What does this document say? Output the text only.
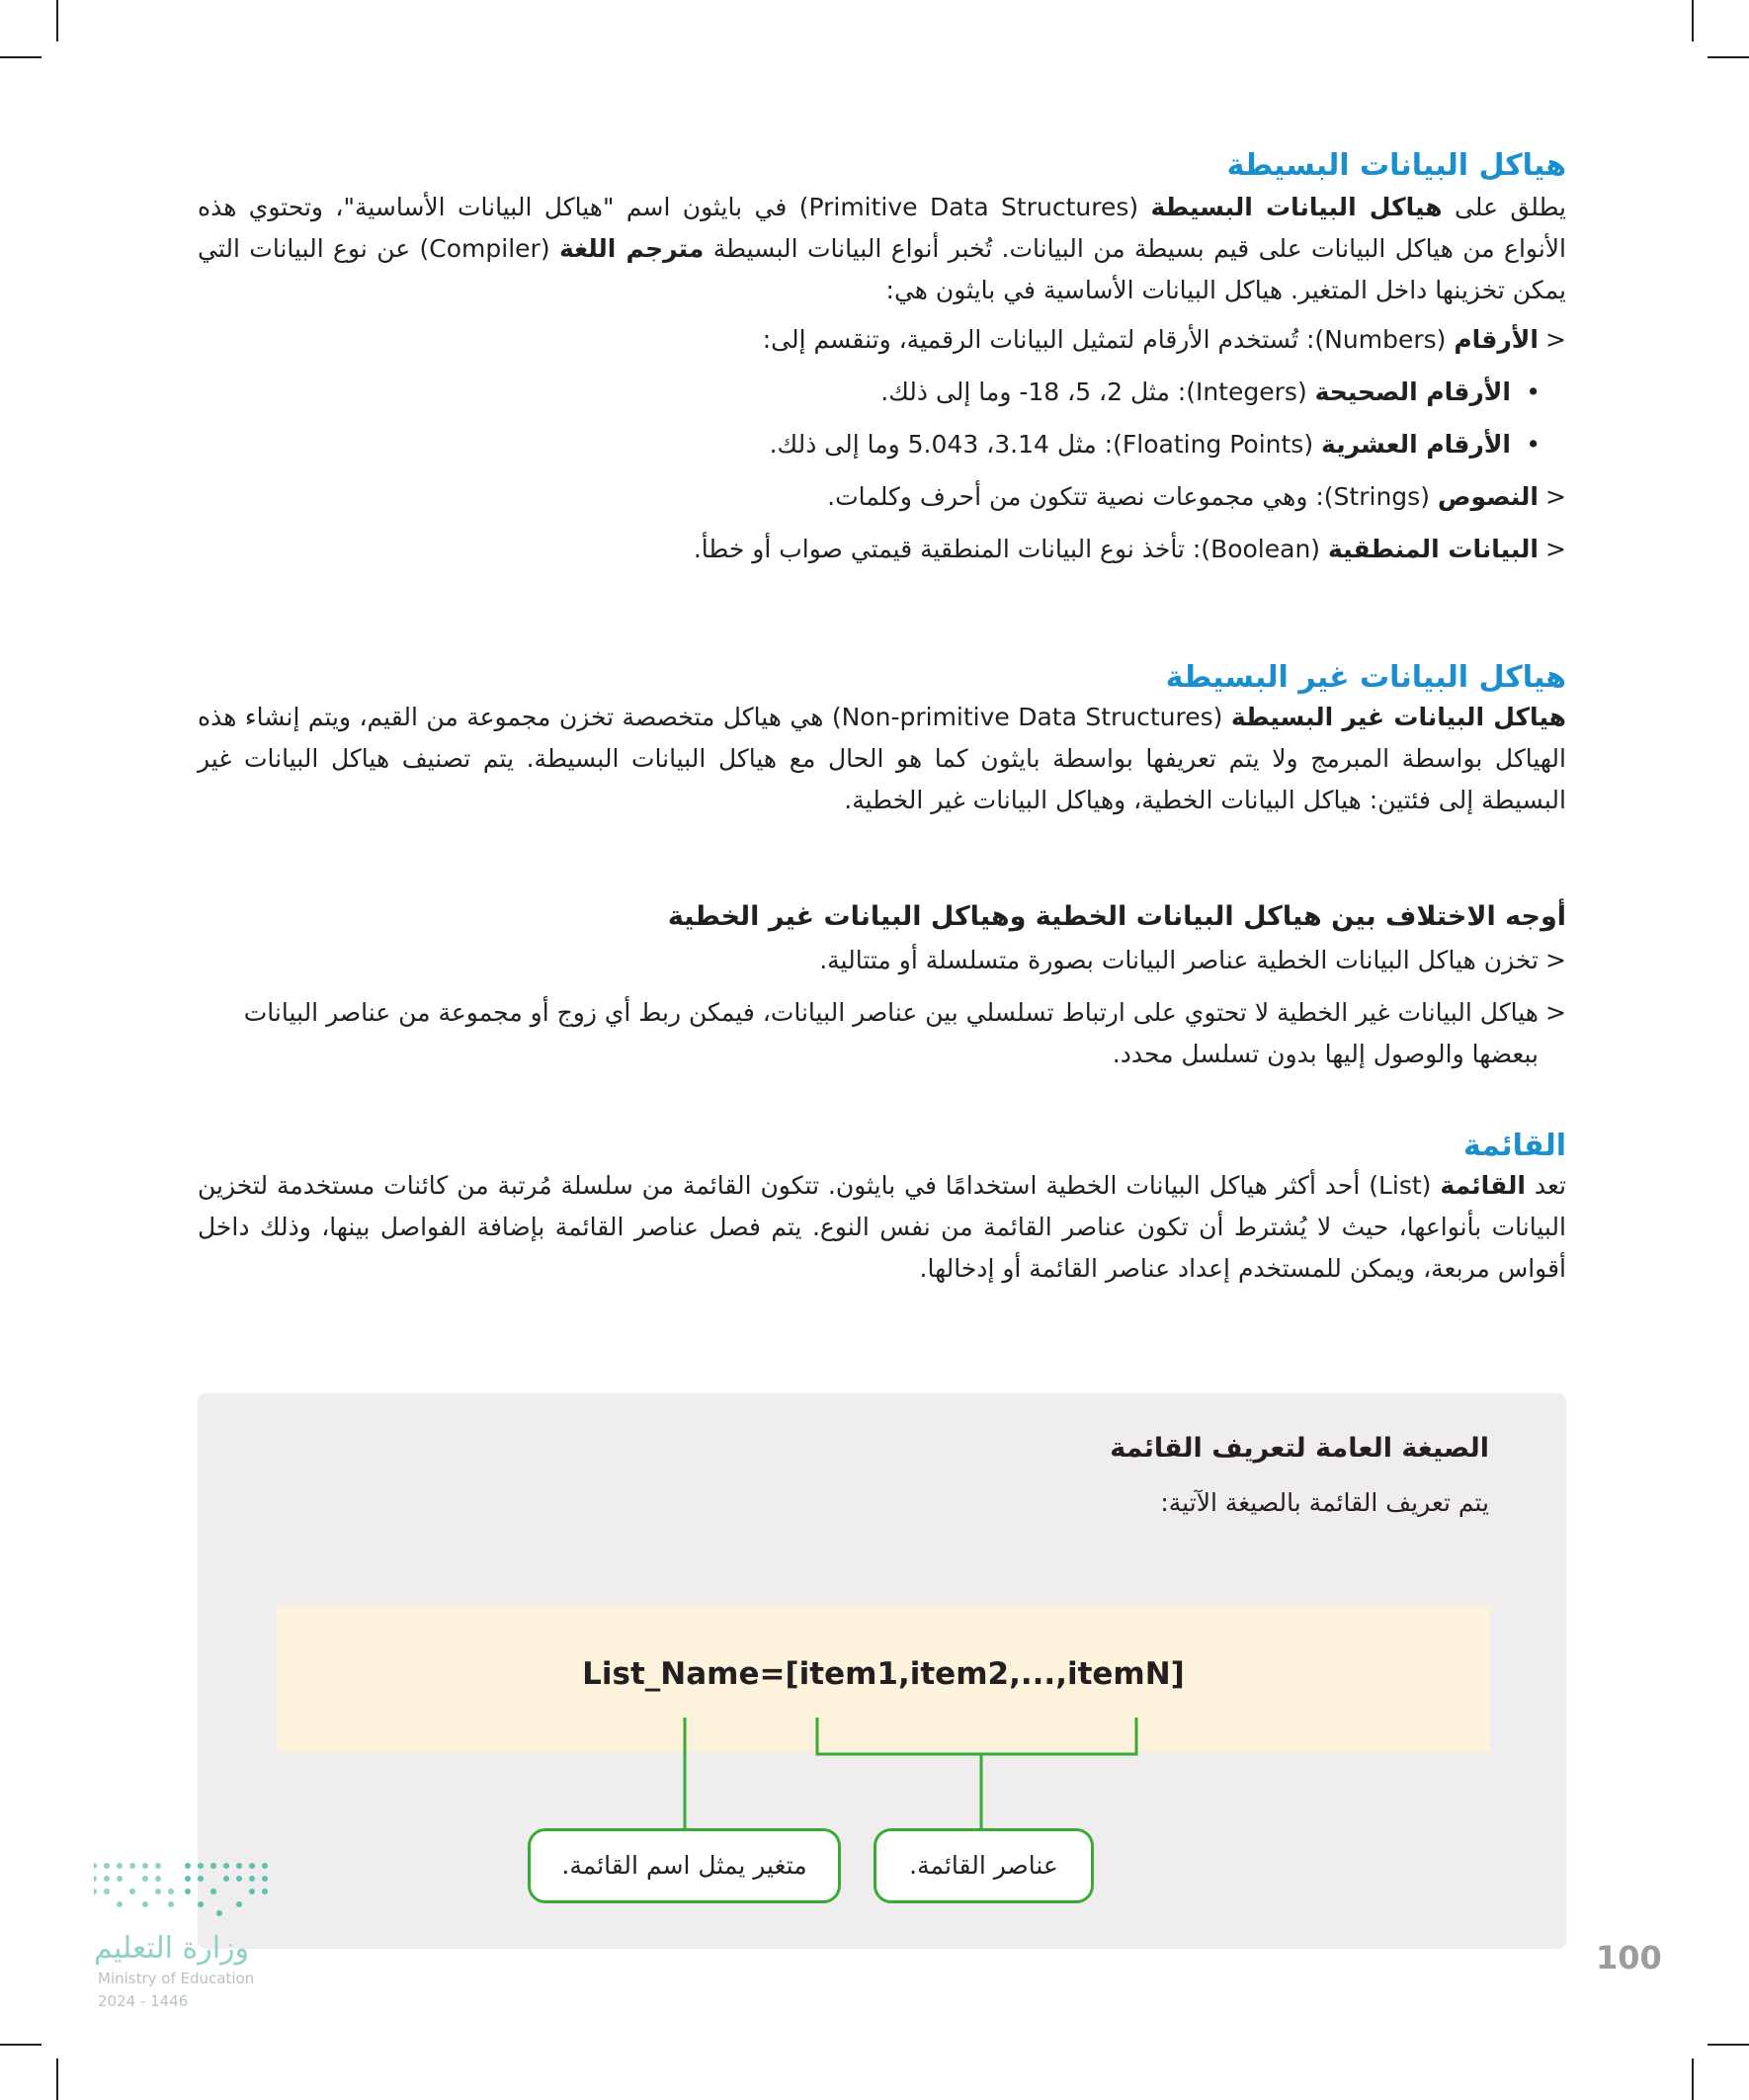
هياكل البيانات البسيطة

يطلق على هياكل البيانات البسيطة (Primitive Data Structures) في بايثون اسم "هياكل البيانات الأساسية"، وتحتوي هذه الأنواع من هياكل البيانات على قيم بسيطة من البيانات. تُخبر أنواع البيانات البسيطة مترجم اللغة (Compiler) عن نوع البيانات التي يمكن تخزينها داخل المتغير. هياكل البيانات الأساسية في بايثون هي:

<
الأرقام (Numbers): تُستخدم الأرقام لتمثيل البيانات الرقمية، وتنقسم إلى:
•
الأرقام الصحيحة (Integers): مثل 2، 5، 18- وما إلى ذلك.
•
الأرقام العشرية (Floating Points): مثل 3.14، 5.043 وما إلى ذلك.
<
النصوص (Strings): وهي مجموعات نصية تتكون من أحرف وكلمات.
<
البيانات المنطقية (Boolean): تأخذ نوع البيانات المنطقية قيمتي صواب أو خطأ.
هياكل البيانات غير البسيطة

هياكل البيانات غير البسيطة (Non-primitive Data Structures) هي هياكل متخصصة تخزن مجموعة من القيم، ويتم إنشاء هذه الهياكل بواسطة المبرمج ولا يتم تعريفها بواسطة بايثون كما هو الحال مع هياكل البيانات البسيطة. يتم تصنيف هياكل البيانات غير البسيطة إلى فئتين: هياكل البيانات الخطية، وهياكل البيانات غير الخطية.

أوجه الاختلاف بين هياكل البيانات الخطية وهياكل البيانات غير الخطية
<
تخزن هياكل البيانات الخطية عناصر البيانات بصورة متسلسلة أو متتالية.
<
هياكل البيانات غير الخطية لا تحتوي على ارتباط تسلسلي بين عناصر البيانات، فيمكن ربط أي زوج أو مجموعة من عناصر البيانات ببعضها والوصول إليها بدون تسلسل محدد.
القائمة

تعد القائمة (List) أحد أكثر هياكل البيانات الخطية استخدامًا في بايثون. تتكون القائمة من سلسلة مُرتبة من كائنات مستخدمة لتخزين البيانات بأنواعها، حيث لا يُشترط أن تكون عناصر القائمة من نفس النوع. يتم فصل عناصر القائمة بإضافة الفواصل بينها، وذلك داخل أقواس مربعة، ويمكن للمستخدم إعداد عناصر القائمة أو إدخالها.

الصيغة العامة لتعريف القائمة
يتم تعريف القائمة بالصيغة الآتية:
List_Name=[item1,item2,...,itemN]
متغير يمثل اسم القائمة.	عناصر القائمة.
وزارة التعليم
Ministry of Education
2024 - 1446
100
